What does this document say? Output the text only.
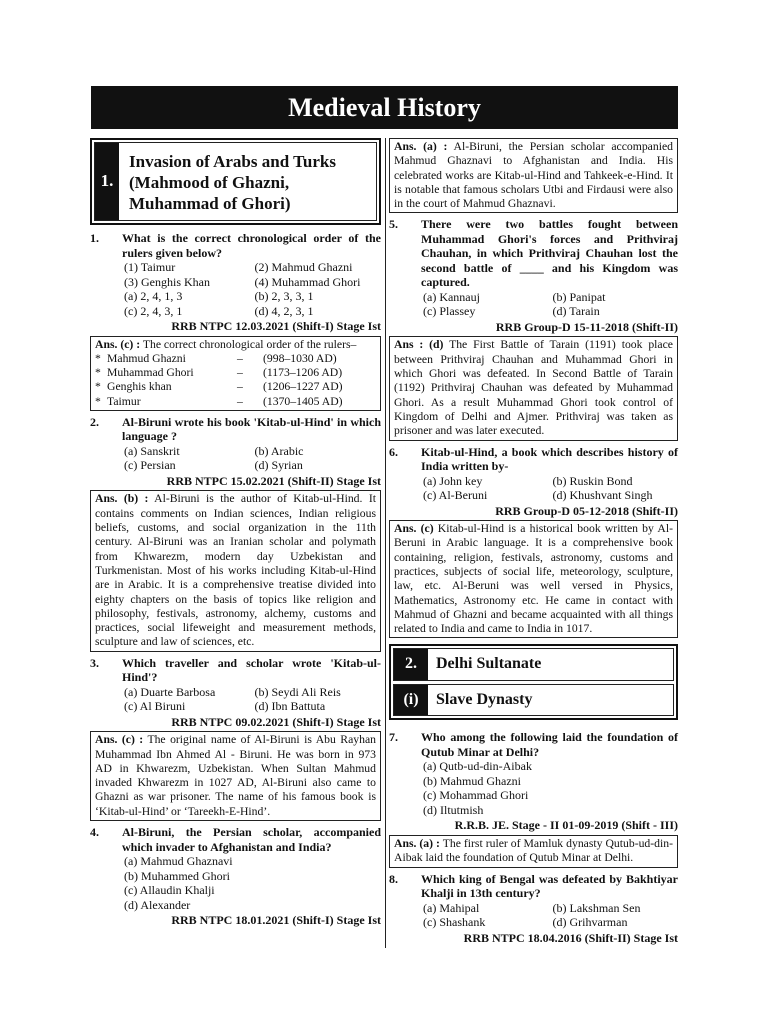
Medieval History
1.
Invasion of Arabs and Turks (Mahmood of Ghazni, Muhammad of Ghori)
1.	What is the correct chronological order of the rulers given below?
(1) Taimur	(2) Mahmud Ghazni
(3) Genghis Khan	(4) Muhammad Ghori
(a) 2, 4, 1, 3	(b) 2, 3, 3, 1
(c) 2, 4, 3, 1	(d) 4, 2, 3, 1
RRB NTPC 12.03.2021 (Shift-I) Stage Ist
Ans. (c) : The correct chronological order of the rulers–
* Mahmud Ghazni	–	(998–1030 AD)
* Muhammad Ghori	–	(1173–1206 AD)
* Genghis khan	–	(1206–1227 AD)
* Taimur	–	(1370–1405 AD)
2.	Al-Biruni wrote his book 'Kitab-ul-Hind' in which language ?
(a) Sanskrit	(b) Arabic
(c) Persian	(d) Syrian
RRB NTPC 15.02.2021 (Shift-II) Stage Ist
Ans. (b) : Al-Biruni is the author of Kitab-ul-Hind. It contains comments on Indian sciences, Indian religious beliefs, customs, and social organization in the 11th century. Al-Biruni was an Iranian scholar and polymath from Khwarezm, modern day Uzbekistan and Turkmenistan. Most of his works including Kitab-ul-Hind are in Arabic. It is a comprehensive treatise divided into eighty chapters on the basis of topics like religion and philosophy, festivals, astronomy, alchemy, customs and practices, social lifeweight and measurement methods, sculpture and law of sciences, etc.
3.	Which traveller and scholar wrote 'Kitab-ul-Hind'?
(a) Duarte Barbosa	(b) Seydi Ali Reis
(c) Al Biruni	(d) Ibn Battuta
RRB NTPC 09.02.2021 (Shift-I) Stage Ist
Ans. (c) : The original name of Al-Biruni is Abu Rayhan Muhammad Ibn Ahmed Al - Biruni. He was born in 973 AD in Khwarezm, Uzbekistan. When Sultan Mahmud invaded Khwarezm in 1027 AD, Al-Biruni also came to Ghazni as war prisoner. The name of his famous book is ‘Kitab-ul-Hind’ or ‘Tareekh-E-Hind’.
4.	Al-Biruni, the Persian scholar, accompanied which invader to Afghanistan and India?
(a) Mahmud Ghaznavi
(b) Muhammed Ghori
(c) Allaudin Khalji
(d) Alexander
RRB NTPC 18.01.2021 (Shift-I) Stage Ist
Ans. (a) : Al-Biruni, the Persian scholar accompanied Mahmud Ghaznavi to Afghanistan and India. His celebrated works are Kitab-ul-Hind and Tahkeek-e-Hind. It is notable that famous scholars Utbi and Firdausi were also in the court of Mahmud Ghaznavi.
5.	There were two battles fought between Muhammad Ghori's forces and Prithviraj Chauhan, in which Prithviraj Chauhan lost the second battle of ____ and his Kingdom was captured.
(a) Kannauj	(b) Panipat
(c) Plassey	(d) Tarain
RRB Group-D 15-11-2018 (Shift-II)
Ans : (d) The First Battle of Tarain (1191) took place between Prithviraj Chauhan and Muhammad Ghori in which Ghori was defeated. In Second Battle of Tarain (1192) Prithviraj Chauhan was defeated by Muhammad Ghori. As a result Muhammad Ghori took control of Kingdom of Delhi and Ajmer. Prithviraj was taken as prisoner and was later executed.
6.	Kitab-ul-Hind, a book which describes history of India written by-
(a) John key	(b) Ruskin Bond
(c) Al-Beruni	(d) Khushvant Singh
RRB Group-D 05-12-2018 (Shift-II)
Ans. (c) Kitab-ul-Hind is a historical book written by Al-Beruni in Arabic language. It is a comprehensive book containing, religion, festivals, astronomy, customs and practices, subjects of social life, meteorology, sculpture, law, etc. Al-Beruni was well versed in Physics, Mathematics, Astronomy etc. He came in contact with Mahmud of Ghazni and became acquainted with all things related to India and came to India in 1017.
2.	Delhi Sultanate
(i)	Slave Dynasty
7.	Who among the following laid the foundation of Qutub Minar at Delhi?
(a) Qutb-ud-din-Aibak
(b) Mahmud Ghazni
(c) Mohammad Ghori
(d) Iltutmish
R.R.B. JE. Stage - II 01-09-2019 (Shift - III)
Ans. (a) : The first ruler of Mamluk dynasty Qutub-ud-din-Aibak laid the foundation of Qutub Minar at Delhi.
8.	Which king of Bengal was defeated by Bakhtiyar Khalji in 13th century?
(a) Mahipal	(b) Lakshman Sen
(c) Shashank	(d) Grihvarman
RRB NTPC 18.04.2016 (Shift-II) Stage Ist
